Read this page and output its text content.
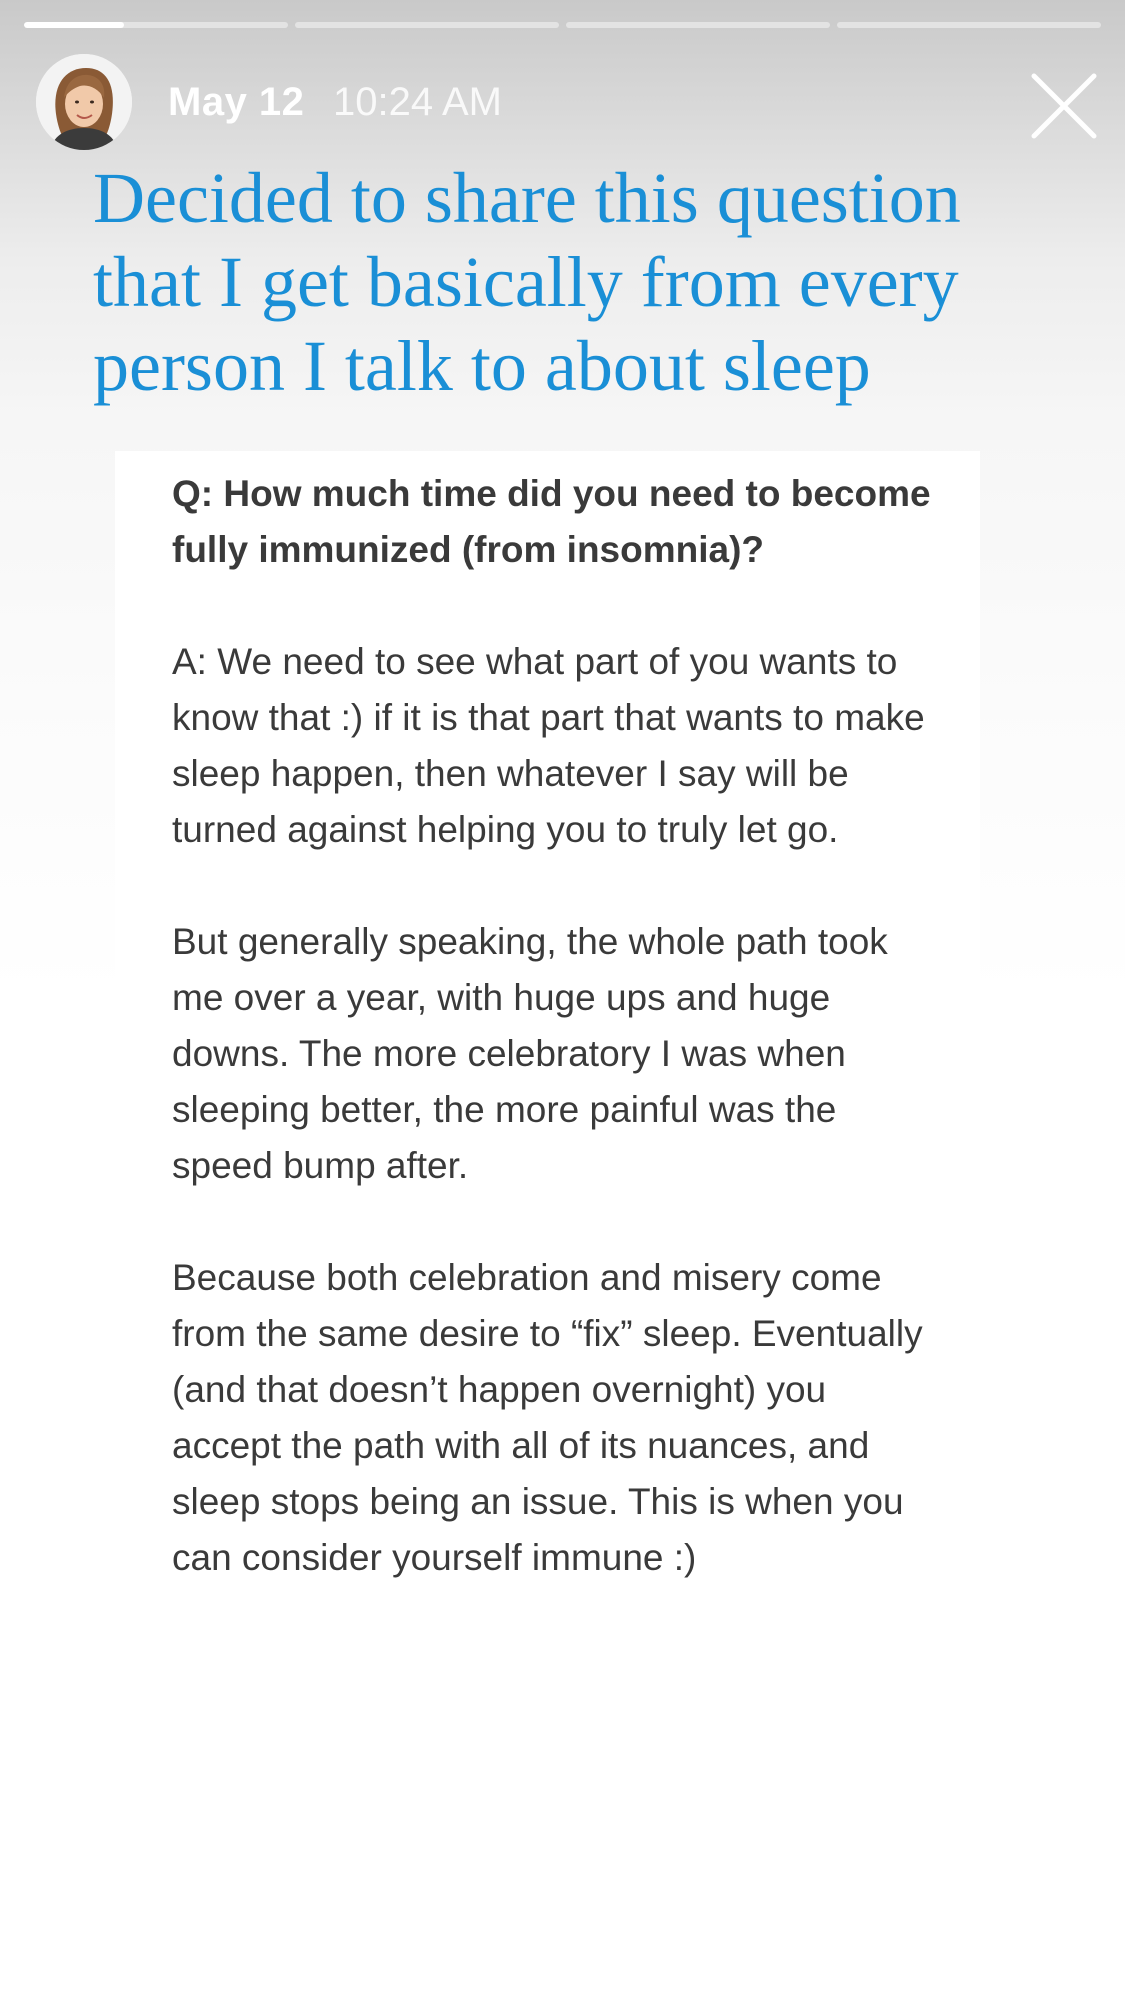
May 12 10:24 AM
Decided to share this question that I get basically from every person I talk to about sleep

Q: How much time did you need to become fully immunized (from insomnia)?

A: We need to see what part of you wants to know that :) if it is that part that wants to make sleep happen, then whatever I say will be turned against helping you to truly let go.

But generally speaking, the whole path took me over a year, with huge ups and huge downs. The more celebratory I was when sleeping better, the more painful was the speed bump after.

Because both celebration and misery come from the same desire to “fix” sleep. Eventually (and that doesn’t happen overnight) you accept the path with all of its nuances, and sleep stops being an issue. This is when you can consider yourself immune :)
